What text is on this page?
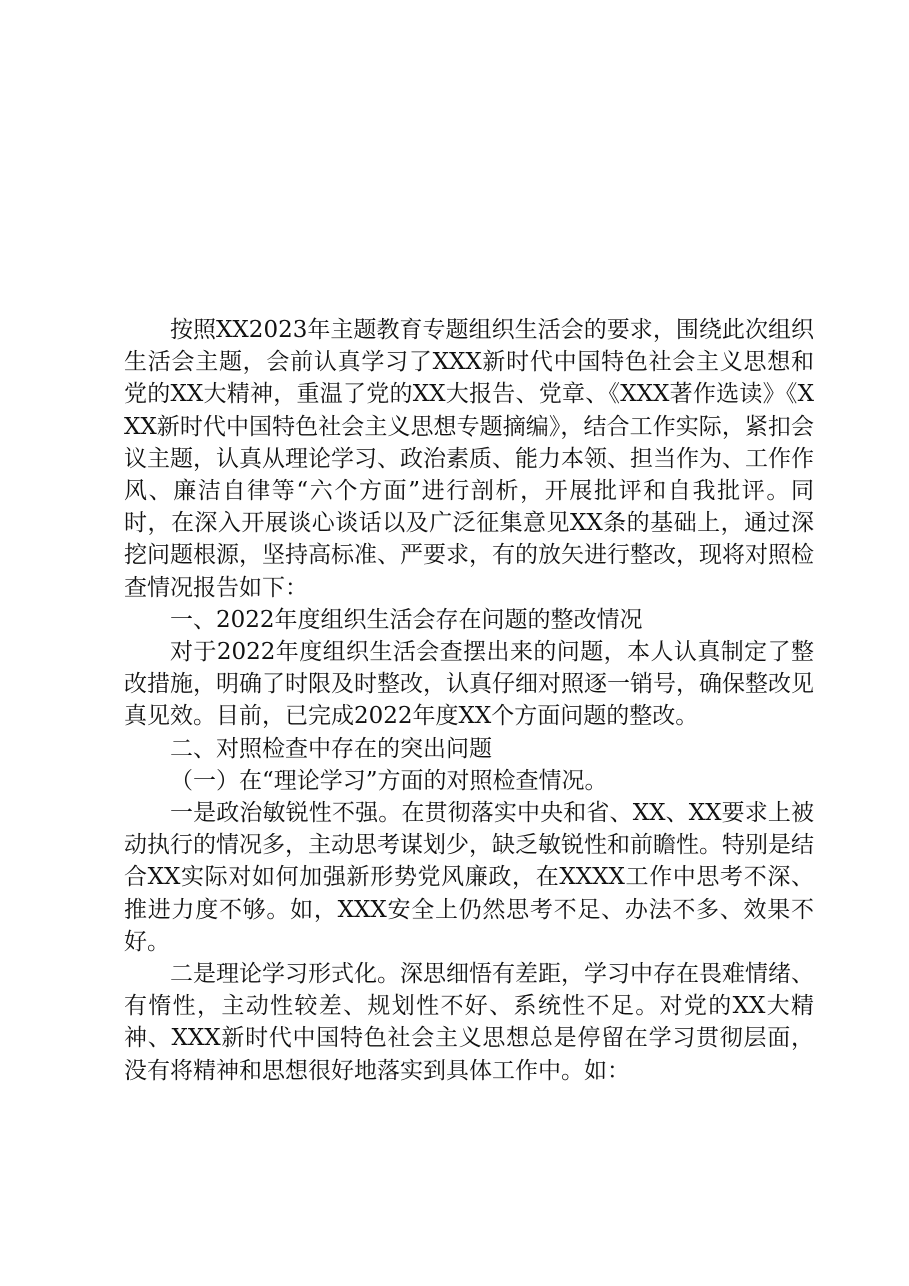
按照XX2023年主题教育专题组织生活会的要求，围绕此次组织生活会主题，会前认真学习了XXX新时代中国特色社会主义思想和党的XX大精神，重温了党的XX大报告、党章、《XXX著作选读》《XXX新时代中国特色社会主义思想专题摘编》，结合工作实际，紧扣会议主题，认真从理论学习、政治素质、能力本领、担当作为、工作作风、廉洁自律等“六个方面”进行剖析，开展批评和自我批评。同时，在深入开展谈心谈话以及广泛征集意见XX条的基础上，通过深挖问题根源，坚持高标准、严要求，有的放矢进行整改，现将对照检查情况报告如下：

一、2022年度组织生活会存在问题的整改情况

对于2022年度组织生活会查摆出来的问题，本人认真制定了整改措施，明确了时限及时整改，认真仔细对照逐一销号，确保整改见真见效。目前，已完成2022年度XX个方面问题的整改。

二、对照检查中存在的突出问题

（一）在“理论学习”方面的对照检查情况。

一是政治敏锐性不强。在贯彻落实中央和省、XX、XX要求上被动执行的情况多，主动思考谋划少，缺乏敏锐性和前瞻性。特别是结合XX实际对如何加强新形势党风廉政，在XXXX工作中思考不深、推进力度不够。如，XXX安全上仍然思考不足、办法不多、效果不好。

二是理论学习形式化。深思细悟有差距，学习中存在畏难情绪、有惰性，主动性较差、规划性不好、系统性不足。对党的XX大精神、XXX新时代中国特色社会主义思想总是停留在学习贯彻层面，没有将精神和思想很好地落实到具体工作中。如：
